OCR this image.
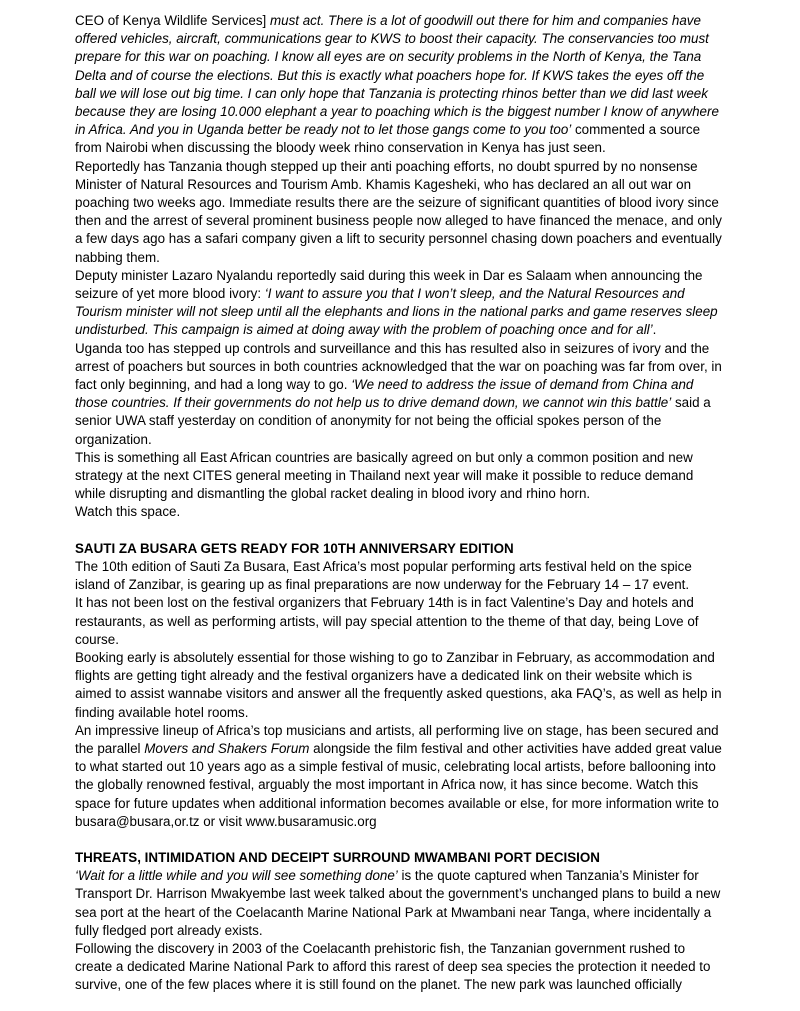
CEO of Kenya Wildlife Services] must act. There is a lot of goodwill out there for him and companies have offered vehicles, aircraft, communications gear to KWS to boost their capacity. The conservancies too must prepare for this war on poaching. I know all eyes are on security problems in the North of Kenya, the Tana Delta and of course the elections. But this is exactly what poachers hope for. If KWS takes the eyes off the ball we will lose out big time. I can only hope that Tanzania is protecting rhinos better than we did last week because they are losing 10.000 elephant a year to poaching which is the biggest number I know of anywhere in Africa. And you in Uganda better be ready not to let those gangs come to you too’ commented a source from Nairobi when discussing the bloody week rhino conservation in Kenya has just seen.

Reportedly has Tanzania though stepped up their anti poaching efforts, no doubt spurred by no nonsense Minister of Natural Resources and Tourism Amb. Khamis Kagesheki, who has declared an all out war on poaching two weeks ago. Immediate results there are the seizure of significant quantities of blood ivory since then and the arrest of several prominent business people now alleged to have financed the menace, and only a few days ago has a safari company given a lift to security personnel chasing down poachers and eventually nabbing them.

Deputy minister Lazaro Nyalandu reportedly said during this week in Dar es Salaam when announcing the seizure of yet more blood ivory: ‘I want to assure you that I won’t sleep, and the Natural Resources and Tourism minister will not sleep until all the elephants and lions in the national parks and game reserves sleep undisturbed. This campaign is aimed at doing away with the problem of poaching once and for all’.

Uganda too has stepped up controls and surveillance and this has resulted also in seizures of ivory and the arrest of poachers but sources in both countries acknowledged that the war on poaching was far from over, in fact only beginning, and had a long way to go. ‘We need to address the issue of demand from China and those countries. If their governments do not help us to drive demand down, we cannot win this battle’ said a senior UWA staff yesterday on condition of anonymity for not being the official spokes person of the organization.

This is something all East African countries are basically agreed on but only a common position and new strategy at the next CITES general meeting in Thailand next year will make it possible to reduce demand while disrupting and dismantling the global racket dealing in blood ivory and rhino horn.

Watch this space.

SAUTI ZA BUSARA GETS READY FOR 10TH ANNIVERSARY EDITION

The 10th edition of Sauti Za Busara, East Africa’s most popular performing arts festival held on the spice island of Zanzibar, is gearing up as final preparations are now underway for the February 14 – 17 event.

It has not been lost on the festival organizers that February 14th is in fact Valentine’s Day and hotels and restaurants, as well as performing artists, will pay special attention to the theme of that day, being Love of course.

Booking early is absolutely essential for those wishing to go to Zanzibar in February, as accommodation and flights are getting tight already and the festival organizers have a dedicated link on their website which is aimed to assist wannabe visitors and answer all the frequently asked questions, aka FAQ’s, as well as help in finding available hotel rooms.

An impressive lineup of Africa’s top musicians and artists, all performing live on stage, has been secured and the parallel Movers and Shakers Forum alongside the film festival and other activities have added great value to what started out 10 years ago as a simple festival of music, celebrating local artists, before ballooning into the globally renowned festival, arguably the most important in Africa now, it has since become. Watch this space for future updates when additional information becomes available or else, for more information write to busara@busara,or.tz or visit www.busaramusic.org

THREATS, INTIMIDATION AND DECEIPT SURROUND MWAMBANI PORT DECISION

‘Wait for a little while and you will see something done’ is the quote captured when Tanzania’s Minister for Transport Dr. Harrison Mwakyembe last week talked about the government’s unchanged plans to build a new sea port at the heart of the Coelacanth Marine National Park at Mwambani near Tanga, where incidentally a fully fledged port already exists.

Following the discovery in 2003 of the Coelacanth prehistoric fish, the Tanzanian government rushed to create a dedicated Marine National Park to afford this rarest of deep sea species the protection it needed to survive, one of the few places where it is still found on the planet. The new park was launched officially
